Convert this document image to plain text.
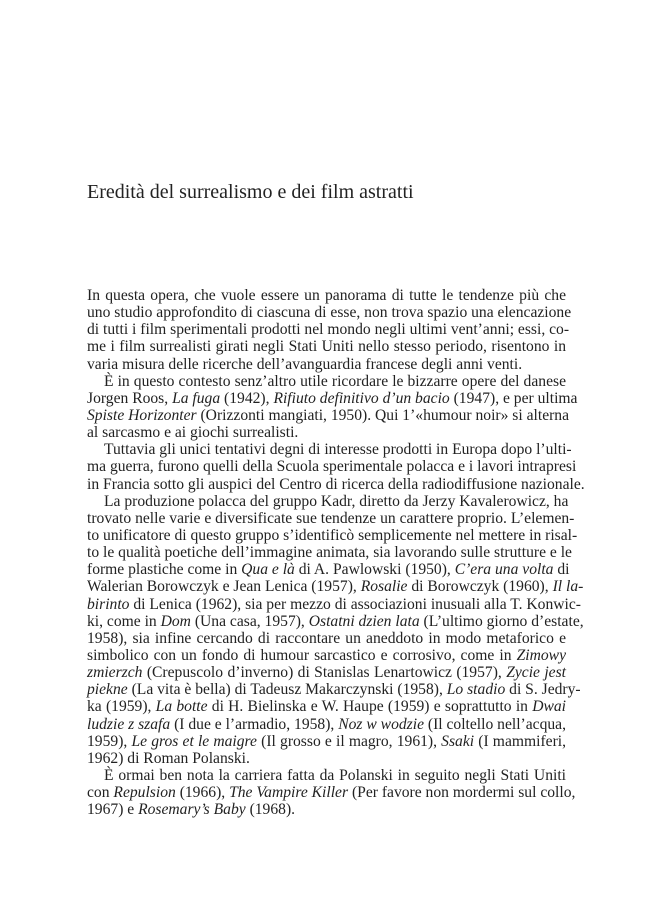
Eredità del surrealismo e dei film astratti
In questa opera, che vuole essere un panorama di tutte le tendenze più che
uno studio approfondito di ciascuna di esse, non trova spazio una elencazione
di tutti i film sperimentali prodotti nel mondo negli ultimi vent’anni; essi, co-
me i film surrealisti girati negli Stati Uniti nello stesso periodo, risentono in
varia misura delle ricerche dell’avanguardia francese degli anni venti.
È in questo contesto senz’altro utile ricordare le bizzarre opere del danese
Jorgen Roos, La fuga (1942), Rifiuto definitivo d’un bacio (1947), e per ultima
Spiste Horizonter (Orizzonti mangiati, 1950). Qui 1’«humour noir» si alterna
al sarcasmo e ai giochi surrealisti.
Tuttavia gli unici tentativi degni di interesse prodotti in Europa dopo l’ulti-
ma guerra, furono quelli della Scuola sperimentale polacca e i lavori intrapresi
in Francia sotto gli auspici del Centro di ricerca della radiodiffusione nazionale.
La produzione polacca del gruppo Kadr, diretto da Jerzy Kavalerowicz, ha
trovato nelle varie e diversificate sue tendenze un carattere proprio. L’elemen-
to unificatore di questo gruppo s’identificò semplicemente nel mettere in risal-
to le qualità poetiche dell’immagine animata, sia lavorando sulle strutture e le
forme plastiche come in Qua e là di A. Pawlowski (1950), C’era una volta di
Walerian Borowczyk e Jean Lenica (1957), Rosalie di Borowczyk (1960), Il la-
birinto di Lenica (1962), sia per mezzo di associazioni inusuali alla T. Konwic-
ki, come in Dom (Una casa, 1957), Ostatni dzien lata (L’ultimo giorno d’estate,
1958), sia infine cercando di raccontare un aneddoto in modo metaforico e
simbolico con un fondo di humour sarcastico e corrosivo, come in Zimowy
zmierzch (Crepuscolo d’inverno) di Stanislas Lenartowicz (1957), Zycie jest
piekne (La vita è bella) di Tadeusz Makarczynski (1958), Lo stadio di S. Jedry-
ka (1959), La botte di H. Bielinska e W. Haupe (1959) e soprattutto in Dwai
ludzie z szafa (I due e l’armadio, 1958), Noz w wodzie (Il coltello nell’acqua,
1959), Le gros et le maigre (Il grosso e il magro, 1961), Ssaki (I mammiferi,
1962) di Roman Polanski.
È ormai ben nota la carriera fatta da Polanski in seguito negli Stati Uniti
con Repulsion (1966), The Vampire Killer (Per favore non mordermi sul collo,
1967) e Rosemary’s Baby (1968).
